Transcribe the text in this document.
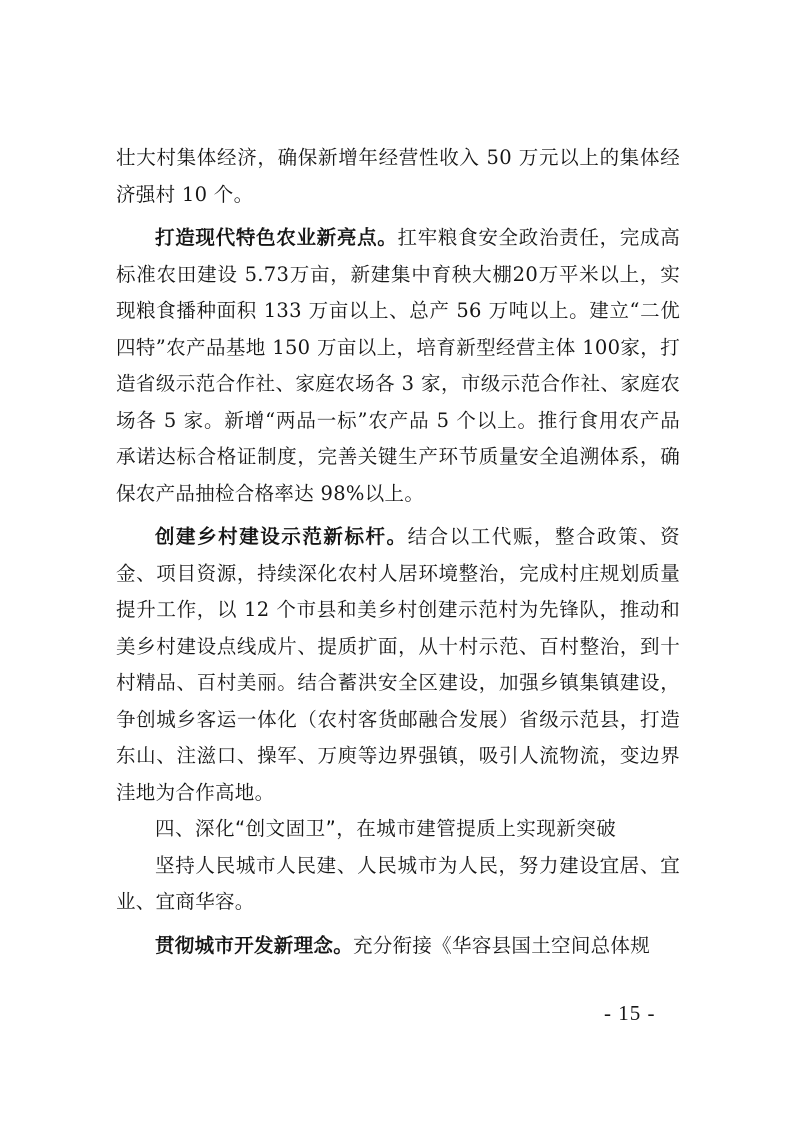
壮大村集体经济，确保新增年经营性收入 50 万元以上的集体经济强村 10 个。

打造现代特色农业新亮点。扛牢粮食安全政治责任，完成高标准农田建设 5.73万亩，新建集中育秧大棚20万平米以上，实现粮食播种面积 133 万亩以上、总产 56 万吨以上。建立“二优四特”农产品基地 150 万亩以上，培育新型经营主体 100家，打造省级示范合作社、家庭农场各 3 家，市级示范合作社、家庭农场各 5 家。新增“两品一标”农产品 5 个以上。推行食用农产品承诺达标合格证制度，完善关键生产环节质量安全追溯体系，确保农产品抽检合格率达 98%以上。

创建乡村建设示范新标杆。结合以工代赈，整合政策、资金、项目资源，持续深化农村人居环境整治，完成村庄规划质量提升工作，以 12 个市县和美乡村创建示范村为先锋队，推动和美乡村建设点线成片、提质扩面，从十村示范、百村整治，到十村精品、百村美丽。结合蓄洪安全区建设，加强乡镇集镇建设，争创城乡客运一体化（农村客货邮融合发展）省级示范县，打造东山、注滋口、操军、万庾等边界强镇，吸引人流物流，变边界洼地为合作高地。

四、深化“创文固卫”，在城市建管提质上实现新突破

坚持人民城市人民建、人民城市为人民，努力建设宜居、宜业、宜商华容。

贯彻城市开发新理念。充分衔接《华容县国土空间总体规

- 15 -
